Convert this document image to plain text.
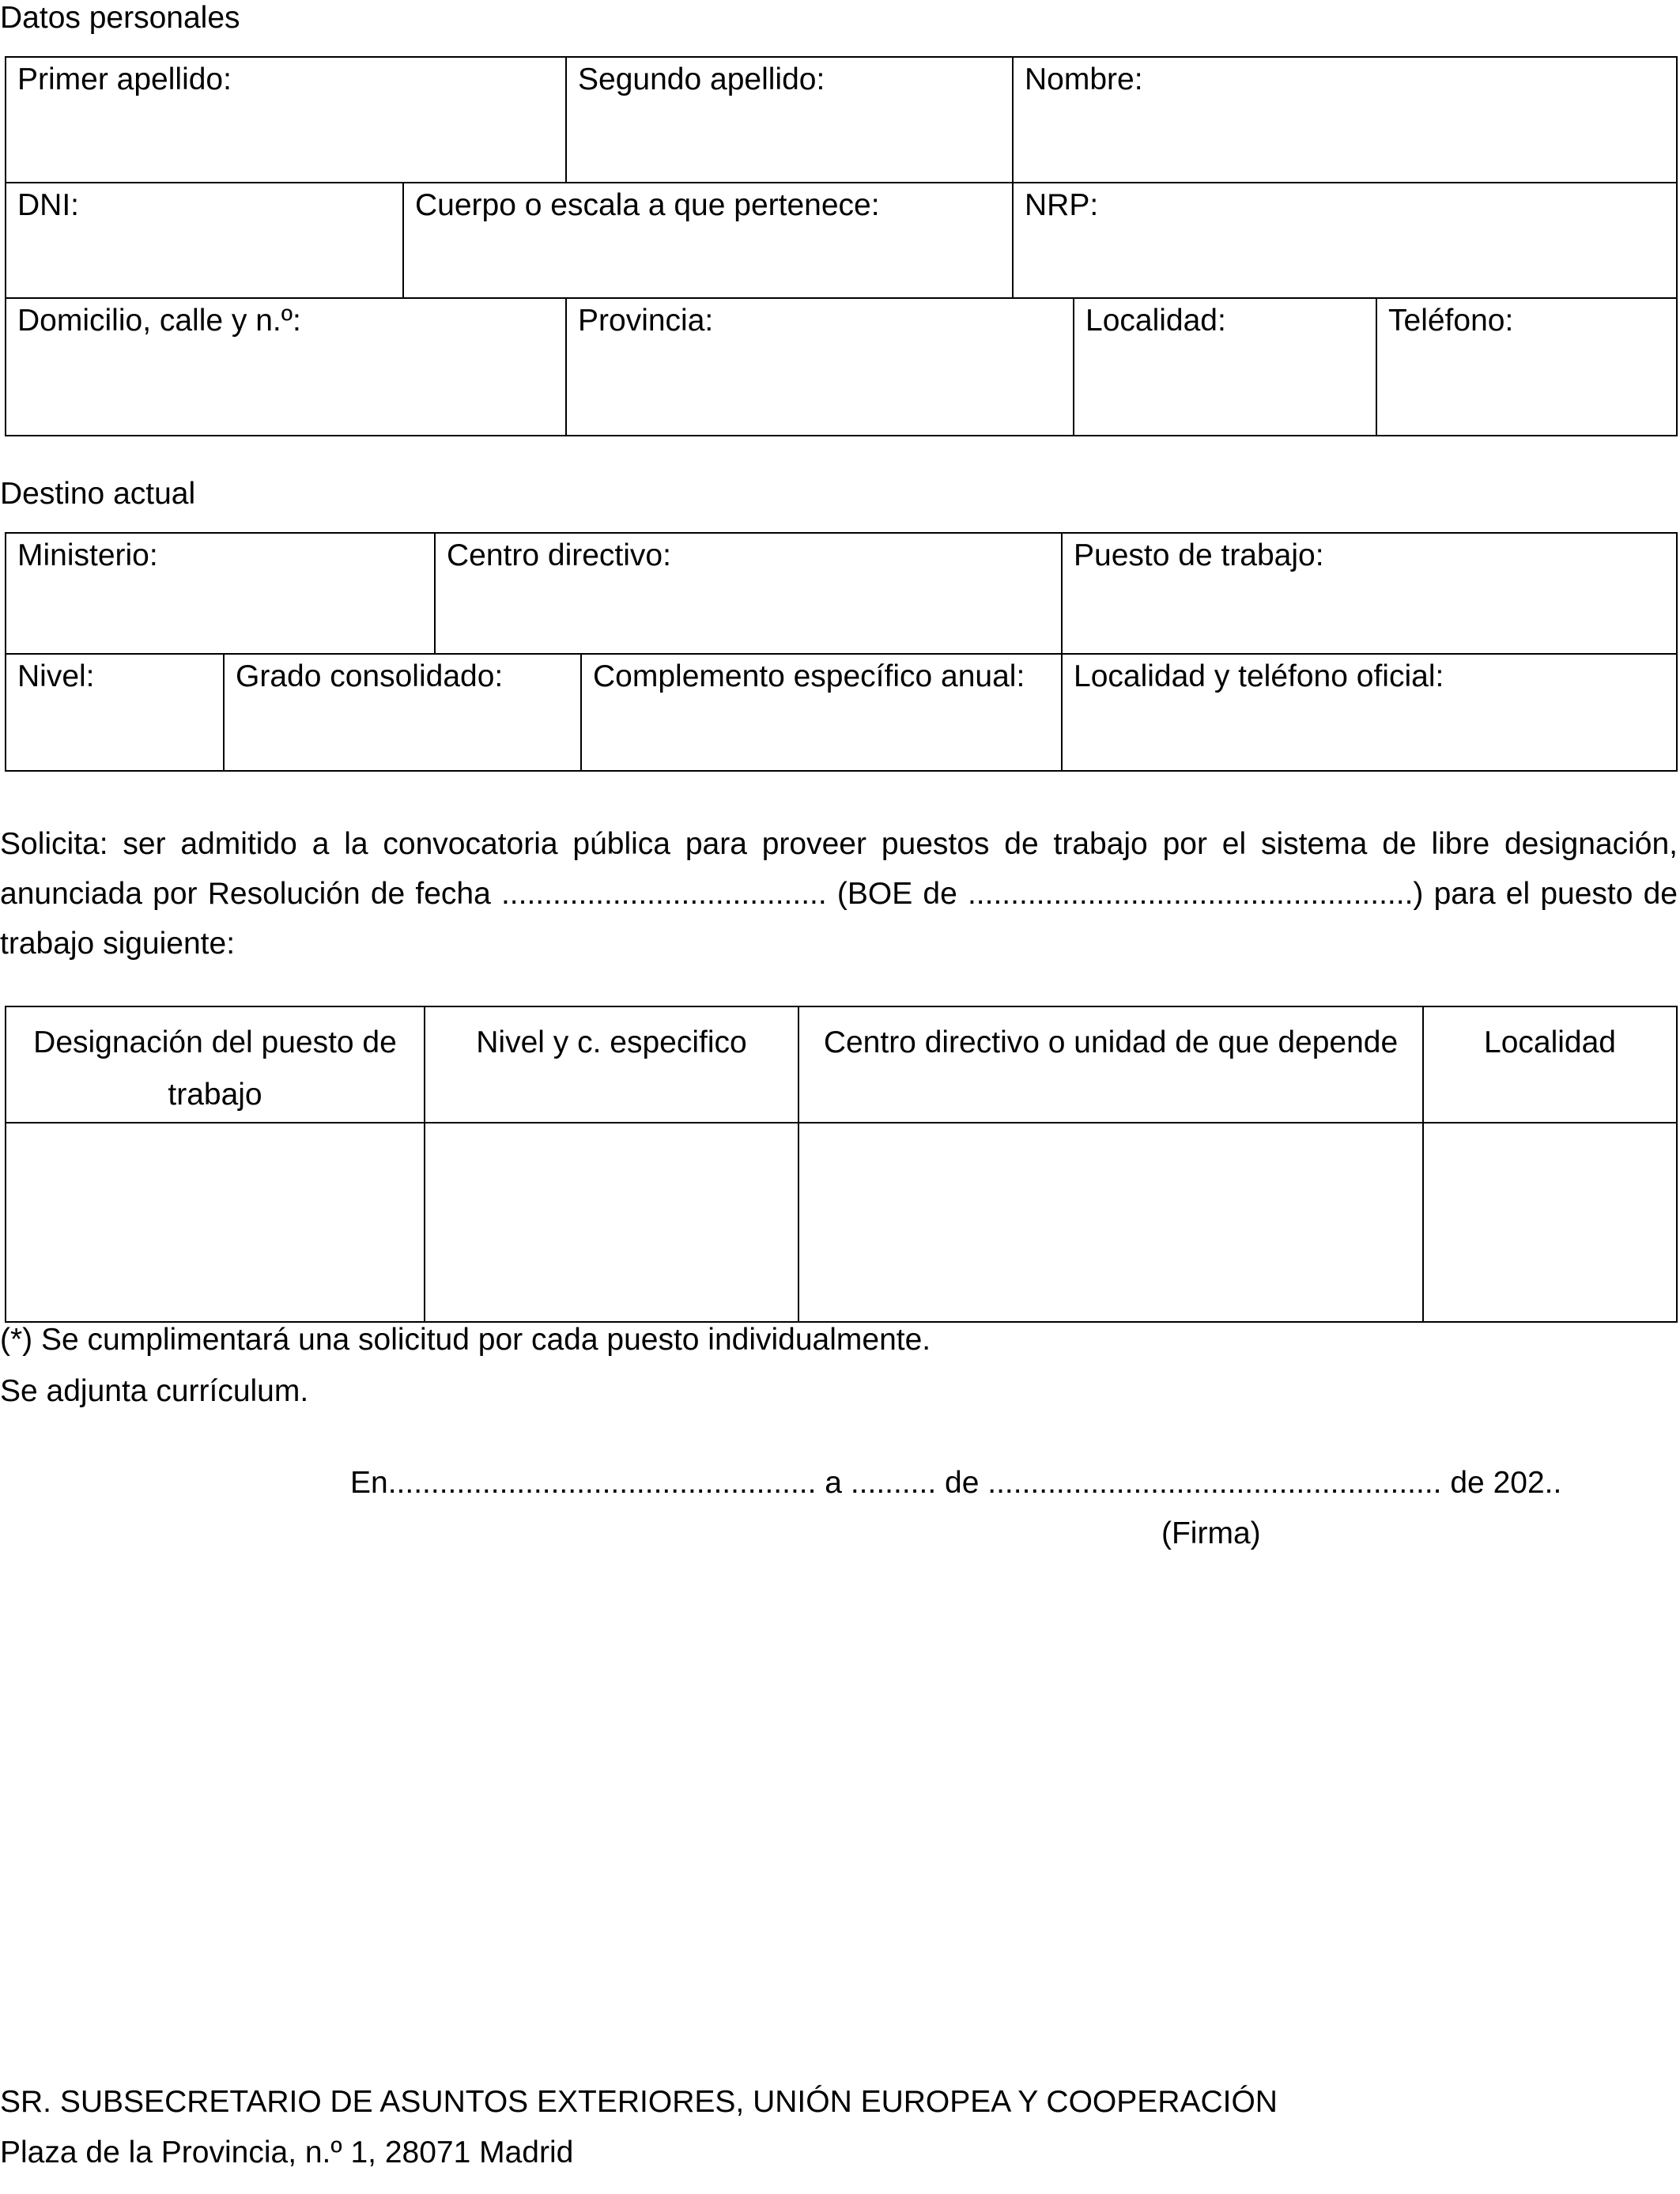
Datos personales
Primer apellido:		Segundo apellido:	Nombre:		
DNI:	Cuerpo o escala a que pertenece:		NRP:		
Domicilio, calle y n.º:		Provincia:		Localidad:	Teléfono:
Destino actual
Ministerio:		Centro directivo:		Puesto de trabajo:
Nivel:	Grado consolidado:		Complemento específico anual:	Localidad y teléfono oficial:
Solicita: ser admitido a la convocatoria pública para proveer puestos de trabajo por el sistema de libre designación, anunciada por Resolución de fecha ...................................... (BOE de ....................................................) para el puesto de trabajo siguiente:
Designación del puesto de trabajo	Nivel y c. especifico	Centro directivo o unidad de que depende	Localidad

(*) Se cumplimentará una solicitud por cada puesto individualmente.
Se adjunta currículum.
En.................................................. a .......... de ..................................................... de 202..
(Firma)
SR. SUBSECRETARIO DE ASUNTOS EXTERIORES, UNIÓN EUROPEA Y COOPERACIÓN
Plaza de la Provincia, n.º 1, 28071 Madrid
